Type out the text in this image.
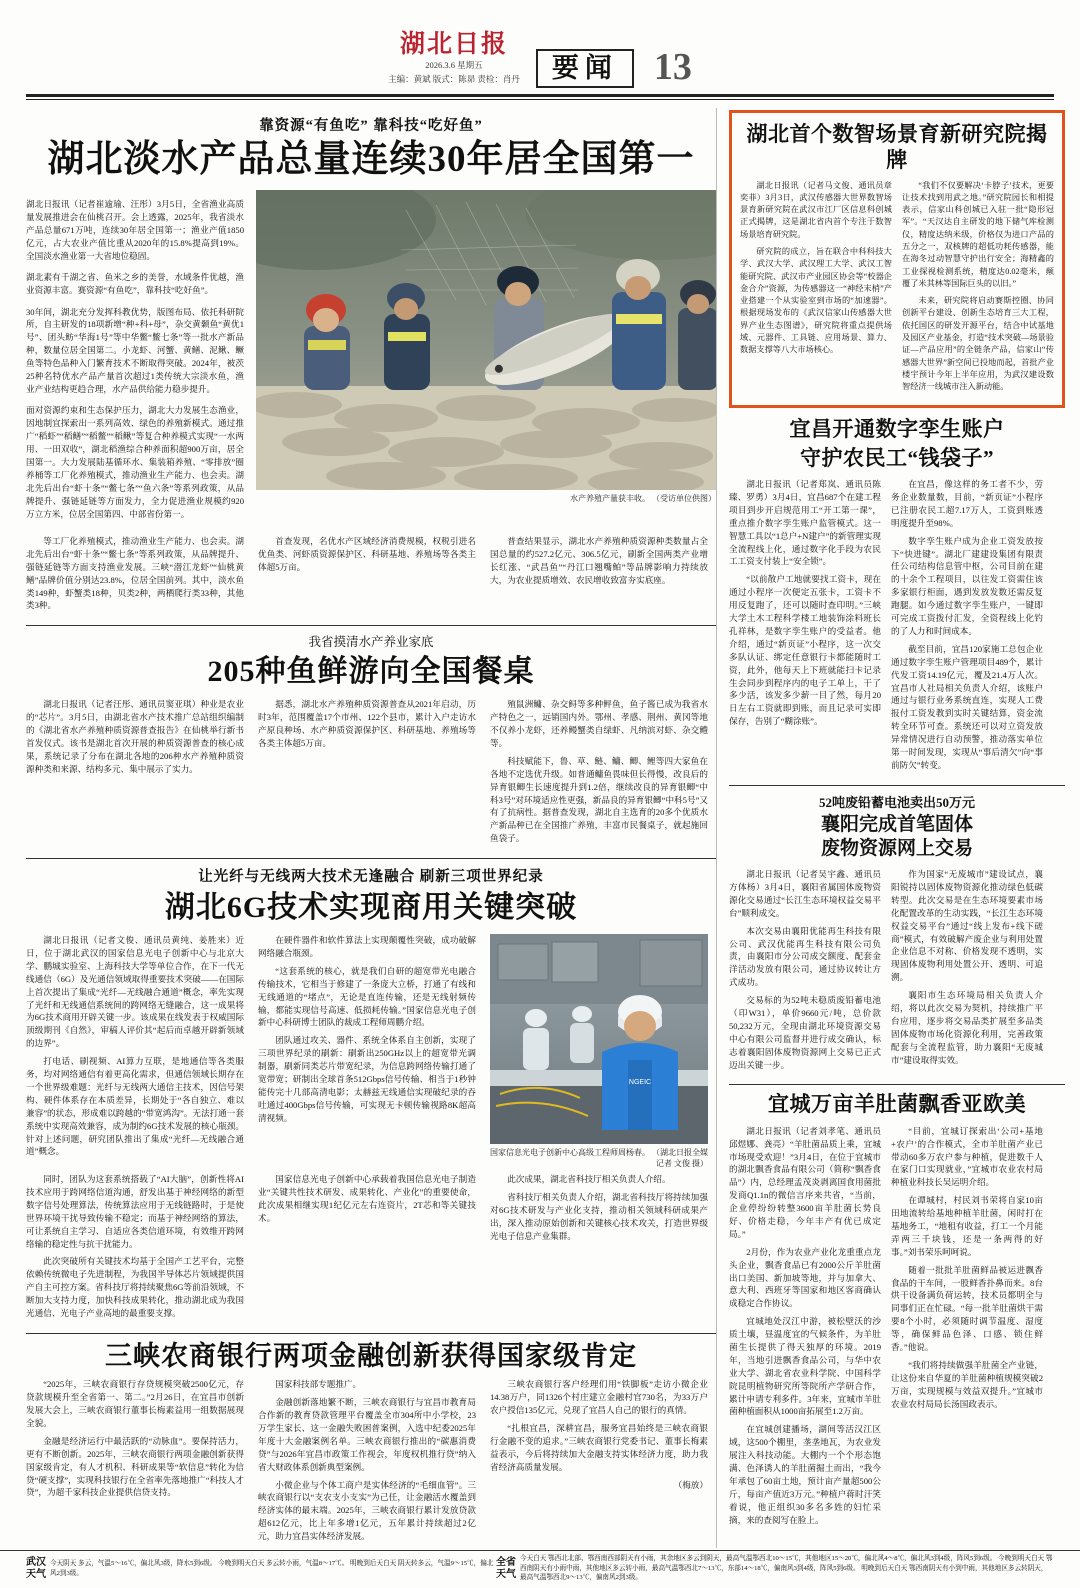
湖北日报
2026.3.6 星期五
主编：黄斌 版式：陈昴 责检：肖丹	要闻 13
靠资源“有鱼吃” 靠科技“吃好鱼”
湖北淡水产品总量连续30年居全国第一

湖北日报讯（记者崔逾瑜、汪彤）3月5日，全省渔业高质量发展推进会在仙桃召开。会上透露，2025年，我省淡水产品总量671万吨，连续30年居全国第一；渔业产值1850亿元，占大农业产值比重从2020年的15.8%提高到19%。全国淡水渔业第一大省地位稳固。

湖北素有千湖之省、鱼米之乡的美誉，水域条件优越，渔业资源丰富。赛资源“有鱼吃”，靠科技“吃好鱼”。

30年间，湖北充分发挥科教优势，版图布局、依托科研院所，自主研发的18项新增“种+科+母”，杂交黄颡鱼“黄优1号”、团头鲂“华海1号”等中华鳖“鳖七条”等一批水产新品种，数量位居全国第二。小龙虾、河蟹、黄鳝、泥鳅、鳜鱼等特色品种入门繁育技术不断取得突破。2024年，被茨25种名特优水产品产量首次超过1类传统大宗淡水鱼，渔业产业结构更趋合理，水产品供给能力稳步提升。

面对资源约束和生态保护压力，湖北大力发展生态渔业，因地制宜探索出一系列高效、绿色的养殖新模式。通过推广“稻虾”“稻鳝”“稻鳖”“稻鳅”等复合种养模式实现“一水两用、一田双收”，湖北稻渔综合种养面积超900万亩，居全国第一。大力发展陆基循环水、集装箱养殖、“零排放”圈养桶等工厂化养殖模式，推动渔业生产能力、也会卖。湖北先后出台“虾十条”“鳖七条”“鱼六条”等系列政策，从品牌提升、强链延链等方面发力，全力促进渔业规模约920万立方米，位居全国第四、中部省份第一。

水产养殖产量获丰收。 （受访单位供图）

等工厂化养殖模式，推动渔业生产能力、也会卖。湖北先后出台“虾十条”“鳖七条”等系列政策，从品牌提升、强链延链等方面支持渔业发展。三峡“潜江龙虾”“仙桃黄鳝”品牌价值分别达23.8%，位居全国前列。其中，淡水鱼类149种，虾蟹类18种，贝类2种，两栖爬行类33种，其他类3种。

首查发现，名优水产区域经济消费规模，权税引进名优鱼类、河虾质资源保护区、科研基地、养殖场等各类主体超5万亩。

普查结果显示，湖北水产养殖种质资源种类数量占全国总量的约527.2亿元、306.5亿元，刷新全国两类产业增长红涨、“武昌鱼”“丹江口翘嘴鲌”等品牌影响力持续放大，为农业提质增效、农民增收致富夯实底座。

我省摸清水产养业家底
205种鱼鲜游向全国餐桌

湖北日报讯（记者汪彤、通讯员窦亚琪）种业是农业的“芯片”。3月5日，由湖北省水产技术推广总站组织编制的《湖北省水产养殖种质资源普查报告》在仙桃举行新书首发仪式。该书是湖北首次开展的种质资源普查的核心成果，系统记录了分布在湖北各地的206种水产养殖种质资源种类和来源、结构多元、集中展示了实力。

据悉，湖北水产养殖种质资源普查从2021年启动，历时3年，范围覆盖17个市州、122个县市，累计入户走访水产原良种场、水产种质资源保护区、科研基地、养殖场等各类主体超5万亩。

殖鼠洲鳙、杂交鲟等多种鲆鱼，鱼子酱已成为我省水产特色之一，远销国内外。鄂州、孝感、荆州、黄冈等地不仅养小龙虾，还养鳗蟹类自绿虾、凡纳滨对虾、杂交鳢等。

科技赋能下，鲁、草、鲢、鳙、鲫、鲤等四大家鱼在各地不定选优升级。如普通鳙鱼畏味但长得慢，改良后的异育银鲫生长速度提升到1.2倍，继续改良的异育银鲫“中科3号”对环境适应性更强，新品良的异育银鲫“中科5号”又有了抗病性。据普查发现，湖北自主选育的20多个优质水产新品种已在全国推广养殖，丰富市民餐桌子，就起施回鱼袋子。

让光纤与无线两大技术无逢融合 刷新三项世界纪录
湖北6G技术实现商用关键突破

湖北日报讯（记者文俊、通讯员黄纯、姜胜来）近日，位于湖北武汉的国家信息光电子创新中心与北京大学、鹏城实验室、上海科技大学等单位合作，在下一代无线通信（6G）及光通信领域取得重要技术突破——在国际上首次提出了集成“光纤—无线融合通道”概念，率先实现了光纤和无线通信系统间的跨网络无缝融合，这一成果将为6G技术商用开辟关键一步。该成果在线发表于权威国际顶级期刊《自然》，审稿人评价其“起后而卓越开辟新领域的边界”。

打电话、刷视频、AI算力互联，是地通信等各类服务，均对网络通信有着更高化需求，但通信领域长期存在一个世界级难题：光纤与无线两大通信主技术，因信号架构、硬件体系存在本质差异，长期处于“各自独立、难以兼容”的状态，形成难以跨越的“带宽鸿沟”。无法打通一套系统中实现高效兼容，成为制约6G技术发展的核心瓶颈。针对上述问题，研究团队推出了集成“光纤—无线融合通道”概念。

在硬件器件和软件算法上实现颠覆性突破，成功破解网络融合瓶颈。

“这套系统的核心，就是我们自研的超宽带光电融合传输技术，它相当于修建了一条庞大立桥，打通了有线和无线通道的“堵点”，无论是直连传输，还是无线射频传输，都能实现信号高速、低损耗传输。”国家信息光电子创新中心科研博士团队的裁成工程师周鹏介绍。

团队通过攻关、器件、系统全体系自主创新，实现了三项世界纪录的刷新：刷新出250GHz以上的超宽带光调制器，刷新同类芯片带宽纪录，为信息跨网络传输打通了宽带宽；研制出全球首条512Gbps信号传输、相当于1秒钟能传完十几部高清电影；太赫兹无线通信实现破纪录的吞吐通过400Gbps信号传输，可实现无卡顿传输视路8K超高清视频。

NGEIC
国家信息光电子创新中心高级工程师周杨春。 （湖北日报全媒记者 文俊 摄）

同时，团队为这套系统搭载了“AI大脑”，创新性将AI技术应用于跨网络信道沟通，舒发出基于神经网络的新型数字信号处理算法，传统算法应用于无线链路时，于是使世界环境干扰导致传输不稳定；而基于神经网络的算法，可让系统自主学习、自适应各类信道环境，有效维开跨网络输的稳定性与抗干扰能力。

此次突破所有关键技术均基于全国产工艺平台，完整依赖传统微电子先进制程，为我国半导体芯片领域提供国产自主可控方案。省科技厅将持续聚焦6G等前沿领域，不断加大支持力度，加快科技成果转化，推动湖北成为我国光通信、光电子产业高地的最重要支撑。

国家信息光电子创新中心承载着我国信息光电子制造业“关键共性技术研发、成果转化、产业化”的重要使命，此次成果相继实现1纪亿元左右连资片，2T芯和等关键技术。

此次成果，湖北省科技厅相关负责人介绍。

省科技厅相关负责人介绍，湖北省科技厅将持续加强对6G技术研发与产业化支持，推动相关领域科研成果产出，深入推动原始创新和关键核心技术攻关，打造世界级光电子信息产业集群。

三峡农商银行两项金融创新获得国家级肯定

“2025年，三峡农商银行存贷规模突破2500亿元，存贷款规模升至全省第一、第二。”2月26日，在宜昌市创新发展大会上，三峡农商银行董事长梅素益用一组数据展现全貌。

金融是经济运行中最活跃的“动脉血”。要保持活力，更有不断创新。2025年，三峡农商银行两项金融创新获得国家级肯定，有人才机积、科研成果等“软信息”转化为信贷“硬支撑”，实现科技银行在全省率先落地推广“科技人才贷”，为超千家科技企业提供信贷支持。

国家科技部专题推广。

金融创新落地繁不断，三峡农商银行与宜昌市教育局合作新的教育贷款管理平台覆盖全市304所中小学校，23万学生家长、这一金融失败困普案例，入选中纪委2025年年度十大金融案例名单。三峡农商银行推出的“碳惠消费贷”与2026年宜昌市政策工作视会，年度权机推行贷”纳入省大财政体系创新典型案例。

小微企业与个体工商户是实体经济的“毛细血管”。三峡农商银行以“支农支小支实”为己任，让金融活水覆盖到经济实体的最末端。2025年，三峡农商银行累计发放贷款超612亿元，比上年多增1亿元，五年累计持续超过2亿元，助力宜昌实体经济发展。

三峡农商银行客户经理们用“铁脚板”走访小微企业14.38万户，同1326个村庄建立金融村官730名，为33万户农户授信135亿元，兑现了宜昌人自己的银行的真情。

“扎根宜昌，深耕宜昌，服务宜昌始终是三峡农商银行金融不变的追求。”三峡农商银行党委书记、董事长梅素益表示，今后将持续加大金融支持实体经济力度，助力我省经济高质量发展。

（梅放）

湖北首个数智场景育新研究院揭牌

湖北日报讯（记者马文俊、通讯员章奕菲）3月3日，武汉传感器大世界数智场景育新研究院在武汉市江厂区信息科创城正式揭牌，这是湖北省内首个专注于数智场景培育研究院。

研究院的成立，旨在联合中科科技大学、武汉大学、武汉理工大学、武汉工智能研究院、武汉市产业园区协会等“校器企金合介”资源，为传感器这一“神经末梢”产业搭建一个从实验室到市场的“加速器”。根据现场发布的《武汉信家山传感器大世界产业生态图谱》，研究院将重点提供场域、元器件、工具链、应用场景、算力、数据支撑等八大市场核心。

“我们不仅要解决‘卡脖子’技术，更要让技术找到用武之地。”研究院园长和相提表示，信家山科创城已入驻一批“隐形冠军”。“天汉达自主研发的地下储气库检测仪，精度达纳米级，价格仅为进口产品的五分之一，双核牌的超低功耗传感器，能在海冬过动智慧守护出行安全；海精鑫的工业探视检测系统，精度达0.02毫米，颠覆了米其林等国际巨头的以旧。”

未来，研究院将启动赛斯控圈、协同创新平台建设、创新生态培育三大工程，依托国区的研发开源平台，结合中试基地及园区产业基金，打造“技术突破—场景验证—产品应用”的全链条产品，信家山“传感器大世界”新空间已投地而起，首批产业楼宇预计今年上半年应用，为武汉建设数智经济一线城市注入新动能。

宜昌开通数字孪生账户
守护农民工“钱袋子”

湖北日报讯（记者郑岚、通讯员陈臻、罗勇）3月4日，宜昌687个在建工程项目到步开启规范用工“开工第一课”，重点推介数字孪生账户监管模式。这一智慧工具以“1总户+N建户”的新管理实现全流程线上化，通过数字化手段为农民工工资支付装上“安全锁”。

“以前散户工地就要找工资卡，现在通过小程序一次便定五张卡，工资卡不用反复跑了，还可以随时查印明。”三峡大学土木工程科学楼工地装饰涂料班长孔祥林，是数字孪生账户的受益者。他介绍，通过“新页证”小程序，这一次交多队认证、绑定任意银行卡都能随时工资，此外，他每天上下班就能扫卡记录生会同步到程序内的电子工单上，干了多少活，该发多少薪一目了然，每月20日左右工资就即到账，而且记录可实即保存，告别了“糊涂账”。

在宜昌，像这样的务工者不少，劳务企业数量数，目前，“新页证”小程序已注册农民工超7.17万人，工资到账透明度提升至98%。

数字孪生账户成为企业工资发放按下“快进键”。湖北厂建建设集团有限责任公司结构信息管中枢，公司目前在建的十余个工程项目，以往发工资需住该多家银行柜面，遇到发放发数还需反复跑腿。如今通过数字孪生账户，一键即可完成工资拨付汇发，全资程线上化钓的了人力和时间成本。

截至目前，宜昌120家施工总包企业通过数字孪生账户管理项目489个，累计代发工资14.19亿元，覆及21.4万人次。宜昌市人社局相关负责人介绍，该账户通过与银行业务系统直连，实现人工费报付工资发教到实时关键结算，资金流转全环节可查。系统还可以对立资发放异常情况进行自动预警，推动落实单位第一时间发现，实现从“事后清欠”向“事前防欠”转变。

52吨废铅蓄电池卖出50万元
襄阳完成首笔固体
废物资源网上交易

湖北日报讯（记者吴宇鑫、通讯员方体杨）3月4日，襄阳省属国体废物资源化交易通过“长江生态环境权益交易平台”顺利成交。

本次交易由襄阳优能再生科技有限公司、武汉优能再生科技有限公司负责，由襄阳市分公司成交额度、配套金洋活动发放有限公司，通过协议转让方式成功。

交易标的为52吨未稳质废铅蓄电池（印W31），单价9660元/吨，总价款50,232万元，全现由湖北环境资源交易中心有限公司监督并进行成交确认，标志着襄阳固体废物资源网上交易已正式迈出关键一步。

作为国家“无废城市”建设试点，襄阳锐持以固体废物资源化推动绿色低碳转型。此次交易是在生态环境要素市场化配置改革的生动实践，“长江生态环境权益交易平台”通过“线上发布+线下磋商”模式，有效破解产废企业与利用处置企业信息不对称、价格发现不透明，实现固体废物利用处置公开、透明、可追溯。

襄阳市生态环境局相关负责人介绍，将以此次交易为契机，持续推广平台应用，逐步将交易品类扩展至多品类固体废物市场化资源化利用，完善政策配套与全流程监管，助力襄阳“无废城市”建设取得实效。

宜城万亩羊肚菌飘香亚欧美

湖北日报讯（记者刘孝笔、通讯员邱煜娜、龚亮）“羊肚菌品质上乘，宜城市场现受欢迎！”3月4日，在位于宜城市的湖北飘香食品有限公司（简称“飘香食品”）内，总经理孟茂炎剥离国食用菌批发商Q1.1n的微信言序来共省，“当前，企业停纷纷转整3600亩羊肚菌长势良好、价格走稳，今年丰产有优已成定局。”

2月份，作为农业产业化龙重重点龙头企业，飘香食品已有2000公斤羊肚菌出口美国、新加坡等地，并与加拿大、意大利、西班牙等国家和地区客商确认成稳定合作协议。

宜城地处汉江中游，被松壁沃的沙质土壤，昼温度宜的气候条件，为羊肚菌生长提供了得天独厚的环境。2019年，当地引进飘香食品公司，与华中农业大学、湖北省农业科学院、中国科学院昆明植物研究所等院所产学研合作，累计申请专利多件。3年来，宜城市羊肚菌种植面积从1000亩拓展至1.2万亩。

在宜城创建播场，湖间等活汉江区域，这500个棚里，垄垄地瓦，为农业发展注入科技动能。大棚内一个个形态饱满、色泽诱人的羊肚菌掘土而出，“我今年承包了60亩土地，预计亩产量超500公斤，每亩产值近3万元。”种植户蒋时汗笑着说，他正组织30多名多姓的妇忙采摘，来的查阅写在脸上。

“目前，宜城订探索出‘公司+基地+农户’的合作模式，全市羊肚菌产业已带动60多万农户参与种植，促进数千人在家门口实现就业，”宜城市农业农村局种植业科技长吴运明介绍。

在谭城村，村民刘书荣将自家10亩田地流转给基地种植羊肚菌，闲时打在基地务工，“地租有收益，打工一个月能弄两三千块钱，还是一条两得的好事。”刘书荣乐呵呵说。

随着一批批羊肚菌鲜品被运进飘香食品的干车间，一股鲜香扑鼻而来。8台烘干设备满负荷运转，技术员都明全与同事们正在忙碌。“每一批羊肚菌烘干需要8个小时，必须随时调节温度、湿度等，确保鲜品色泽、口感、锁住鲜香。”他说。

“我们将持续做强羊肚菌全产业链，让这份来自华夏的羊肚菌种植规模突破2万亩，实现规模与效益双提升。”宜城市农业农村局局长汤国政表示。

武汉
天气
今天阴天 多云，气温5～16℃，偏北风3级，降水5到6级。 今晚到明天白天 多云转小雨，气温8～17℃。 明晚到后天白天 阴天转多云，气温9～15℃，偏北风2到3级。
全省
天气
今天白天 鄂西北北部、鄂西南西部阴天有小雨，其余地区多云到阴天，最高气温鄂西北10～15℃，其他地区15～20℃，偏北风4～8℃，偏北风3到4级，阵风5到6级。 今晚到明天白天 鄂西南阴天有小雨中雨，其他地区多云转小雨，最高气温鄂西北7～13℃，东部14～18℃，偏南风3到4级，阵风5到6级。 明晚到后天白天 鄂西南阴天有小到中雨，其他地区多云转阴天，最高气温鄂西北9～13℃，偏南风2到3级。
